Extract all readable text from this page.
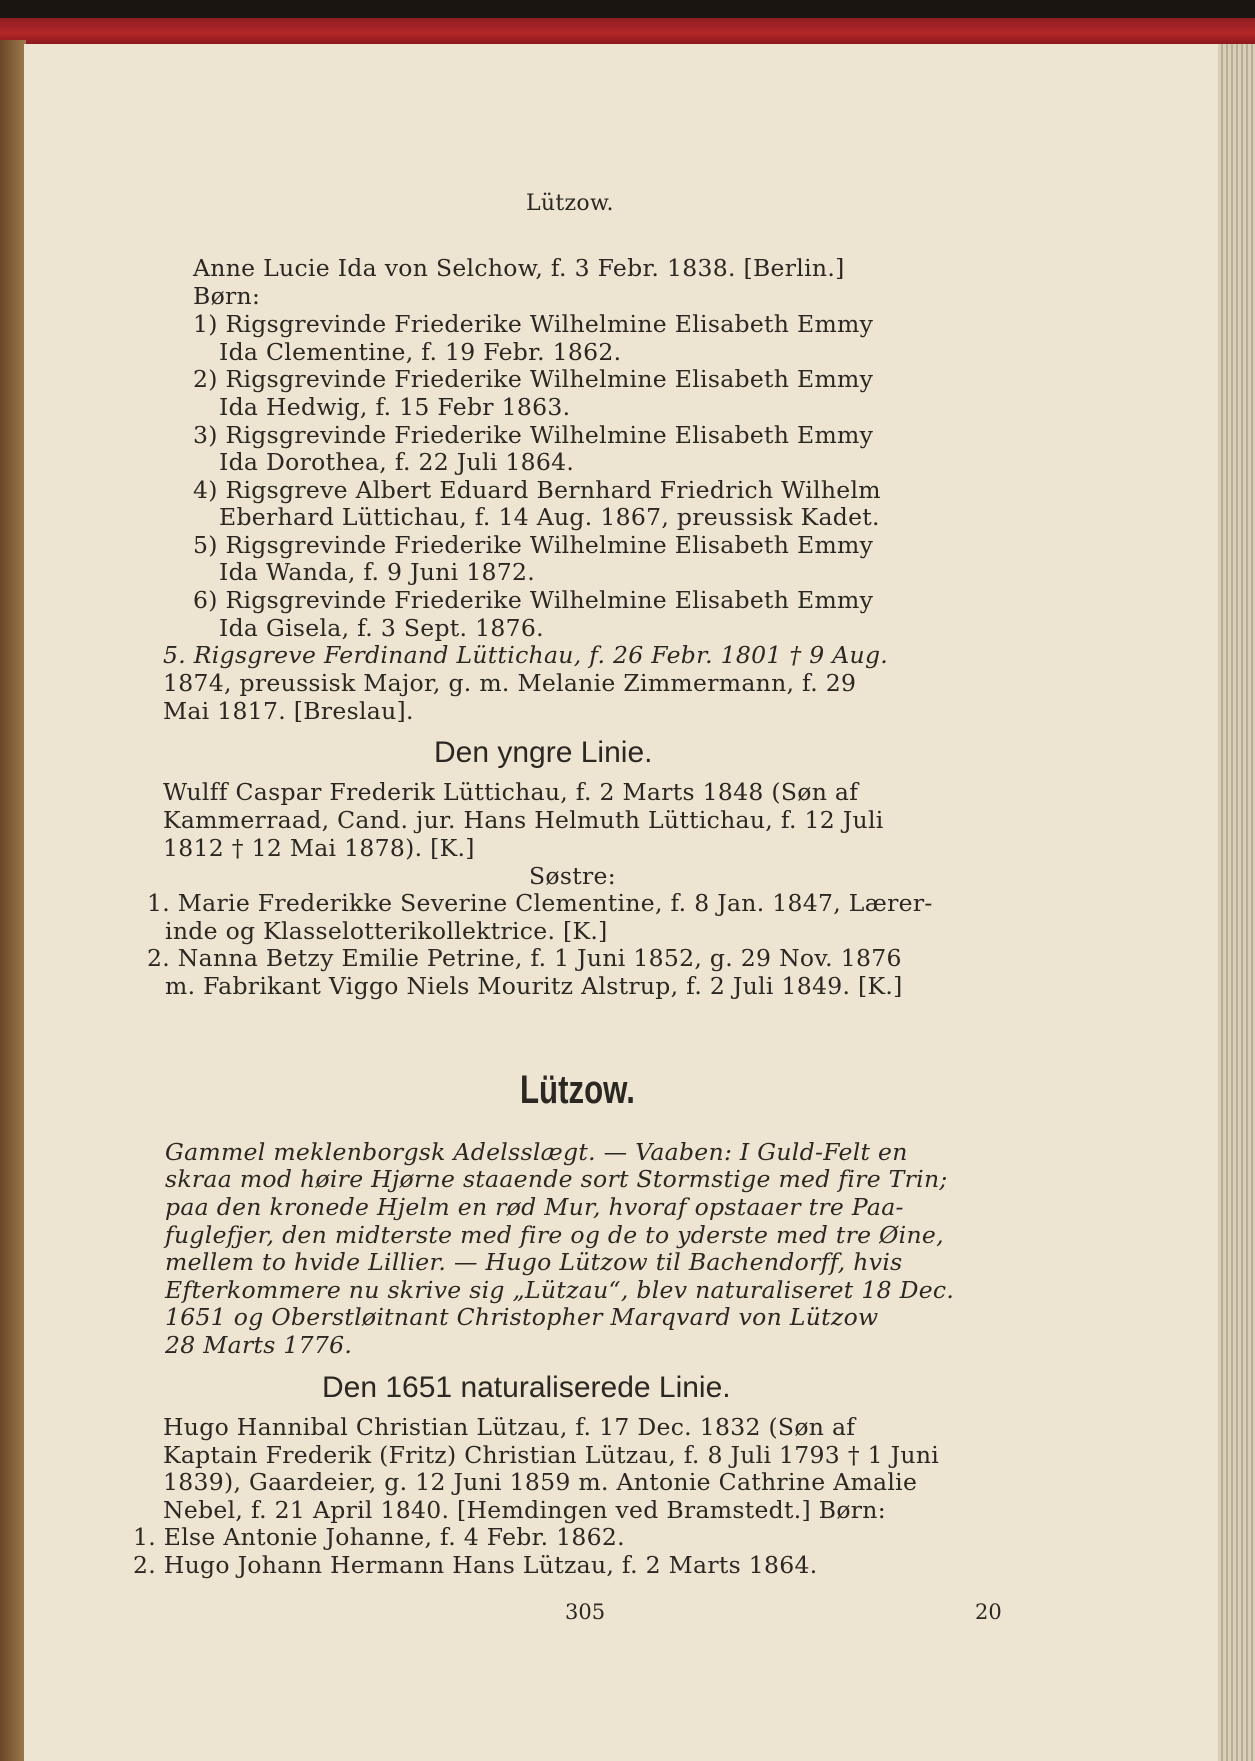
Lützow.
Anne Lucie Ida von Selchow, f. 3 Febr. 1838. [Berlin.]
Børn:
1) Rigsgrevinde Friederike Wilhelmine Elisabeth Emmy
Ida Clementine, f. 19 Febr. 1862.
2) Rigsgrevinde Friederike Wilhelmine Elisabeth Emmy
Ida Hedwig, f. 15 Febr 1863.
3) Rigsgrevinde Friederike Wilhelmine Elisabeth Emmy
Ida Dorothea, f. 22 Juli 1864.
4) Rigsgreve Albert Eduard Bernhard Friedrich Wilhelm
Eberhard Lüttichau, f. 14 Aug. 1867, preussisk Kadet.
5) Rigsgrevinde Friederike Wilhelmine Elisabeth Emmy
Ida Wanda, f. 9 Juni 1872.
6) Rigsgrevinde Friederike Wilhelmine Elisabeth Emmy
Ida Gisela, f. 3 Sept. 1876.
5. Rigsgreve Ferdinand Lüttichau, f. 26 Febr. 1801 † 9 Aug.
1874, preussisk Major, g. m. Melanie Zimmermann, f. 29
Mai 1817. [Breslau].
Den yngre Linie.
Wulff Caspar Frederik Lüttichau, f. 2 Marts 1848 (Søn af
Kammerraad, Cand. jur. Hans Helmuth Lüttichau, f. 12 Juli
1812 † 12 Mai 1878). [K.]
Søstre:
1. Marie Frederikke Severine Clementine, f. 8 Jan. 1847, Lærer-
inde og Klasselotterikollektrice. [K.]
2. Nanna Betzy Emilie Petrine, f. 1 Juni 1852, g. 29 Nov. 1876
m. Fabrikant Viggo Niels Mouritz Alstrup, f. 2 Juli 1849. [K.]
Lützow.
Gammel meklenborgsk Adelsslægt. — Vaaben: I Guld-Felt en
skraa mod høire Hjørne staaende sort Stormstige med fire Trin;
paa den kronede Hjelm en rød Mur, hvoraf opstaaer tre Paa-
fuglefjer, den midterste med fire og de to yderste med tre Øine,
mellem to hvide Lillier. — Hugo Lützow til Bachendorff, hvis
Efterkommere nu skrive sig „Lützau“, blev naturaliseret 18 Dec.
1651 og Oberstløitnant Christopher Marqvard von Lützow
28 Marts 1776.
Den 1651 naturaliserede Linie.
Hugo Hannibal Christian Lützau, f. 17 Dec. 1832 (Søn af
Kaptain Frederik (Fritz) Christian Lützau, f. 8 Juli 1793 † 1 Juni
1839), Gaardeier, g. 12 Juni 1859 m. Antonie Cathrine Amalie
Nebel, f. 21 April 1840. [Hemdingen ved Bramstedt.] Børn:
1. Else Antonie Johanne, f. 4 Febr. 1862.
2. Hugo Johann Hermann Hans Lützau, f. 2 Marts 1864.
305	20
